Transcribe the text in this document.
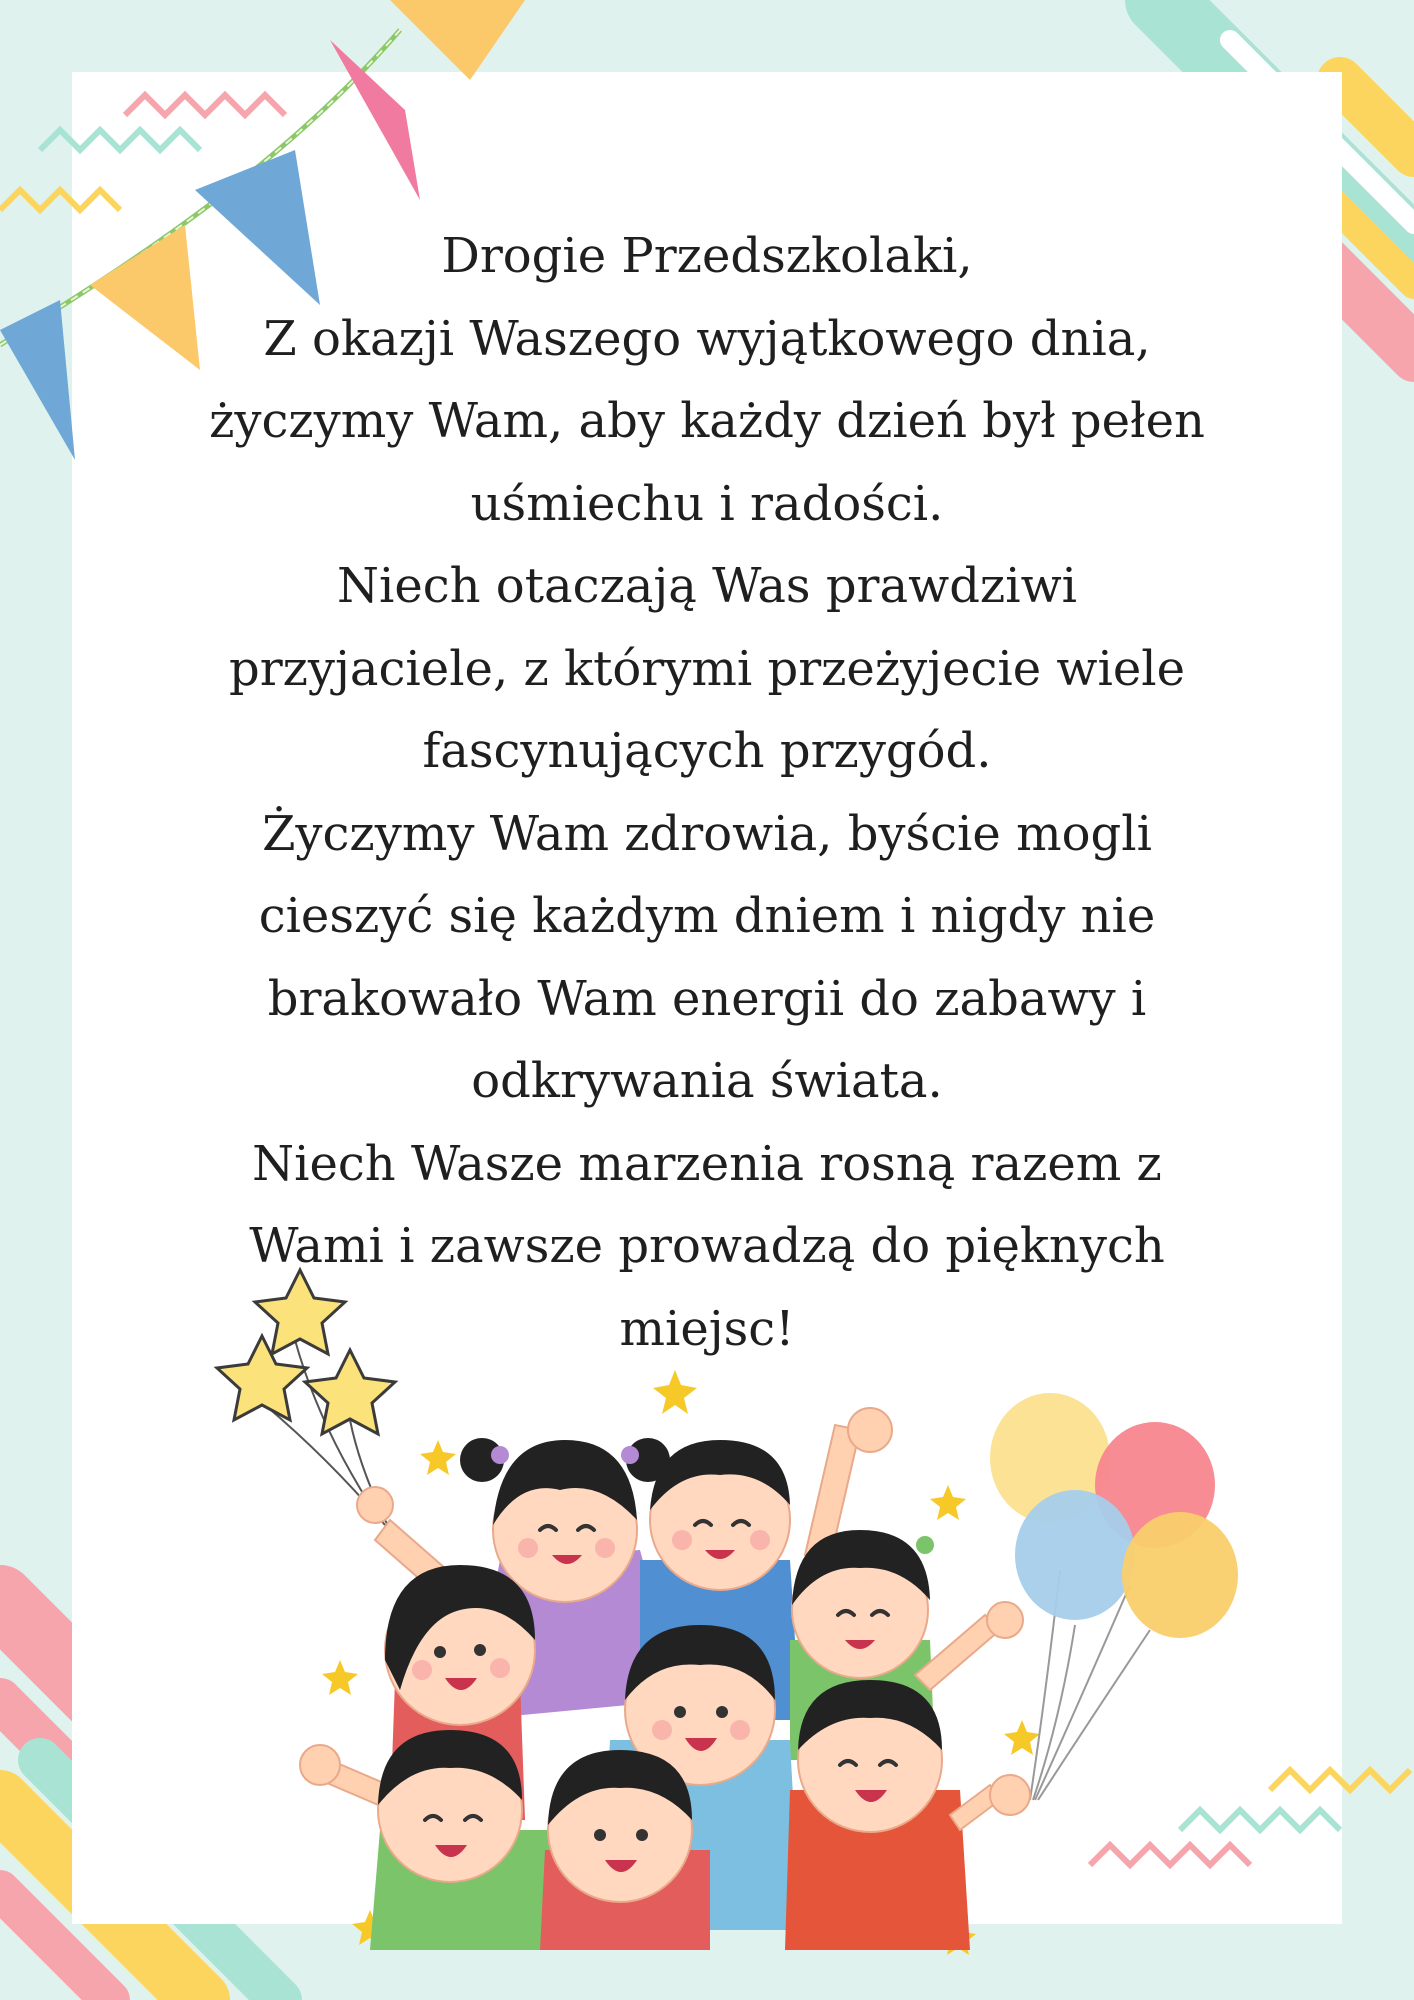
Drogie Przedszkolaki,
Z okazji Waszego wyjątkowego dnia,
życzymy Wam, aby każdy dzień był pełen
uśmiechu i radości.
Niech otaczają Was prawdziwi
przyjaciele, z którymi przeżyjecie wiele
fascynujących przygód.
Życzymy Wam zdrowia, byście mogli
cieszyć się każdym dniem i nigdy nie
brakowało Wam energii do zabawy i
odkrywania świata.
Niech Wasze marzenia rosną razem z
Wami i zawsze prowadzą do pięknych
miejsc!
